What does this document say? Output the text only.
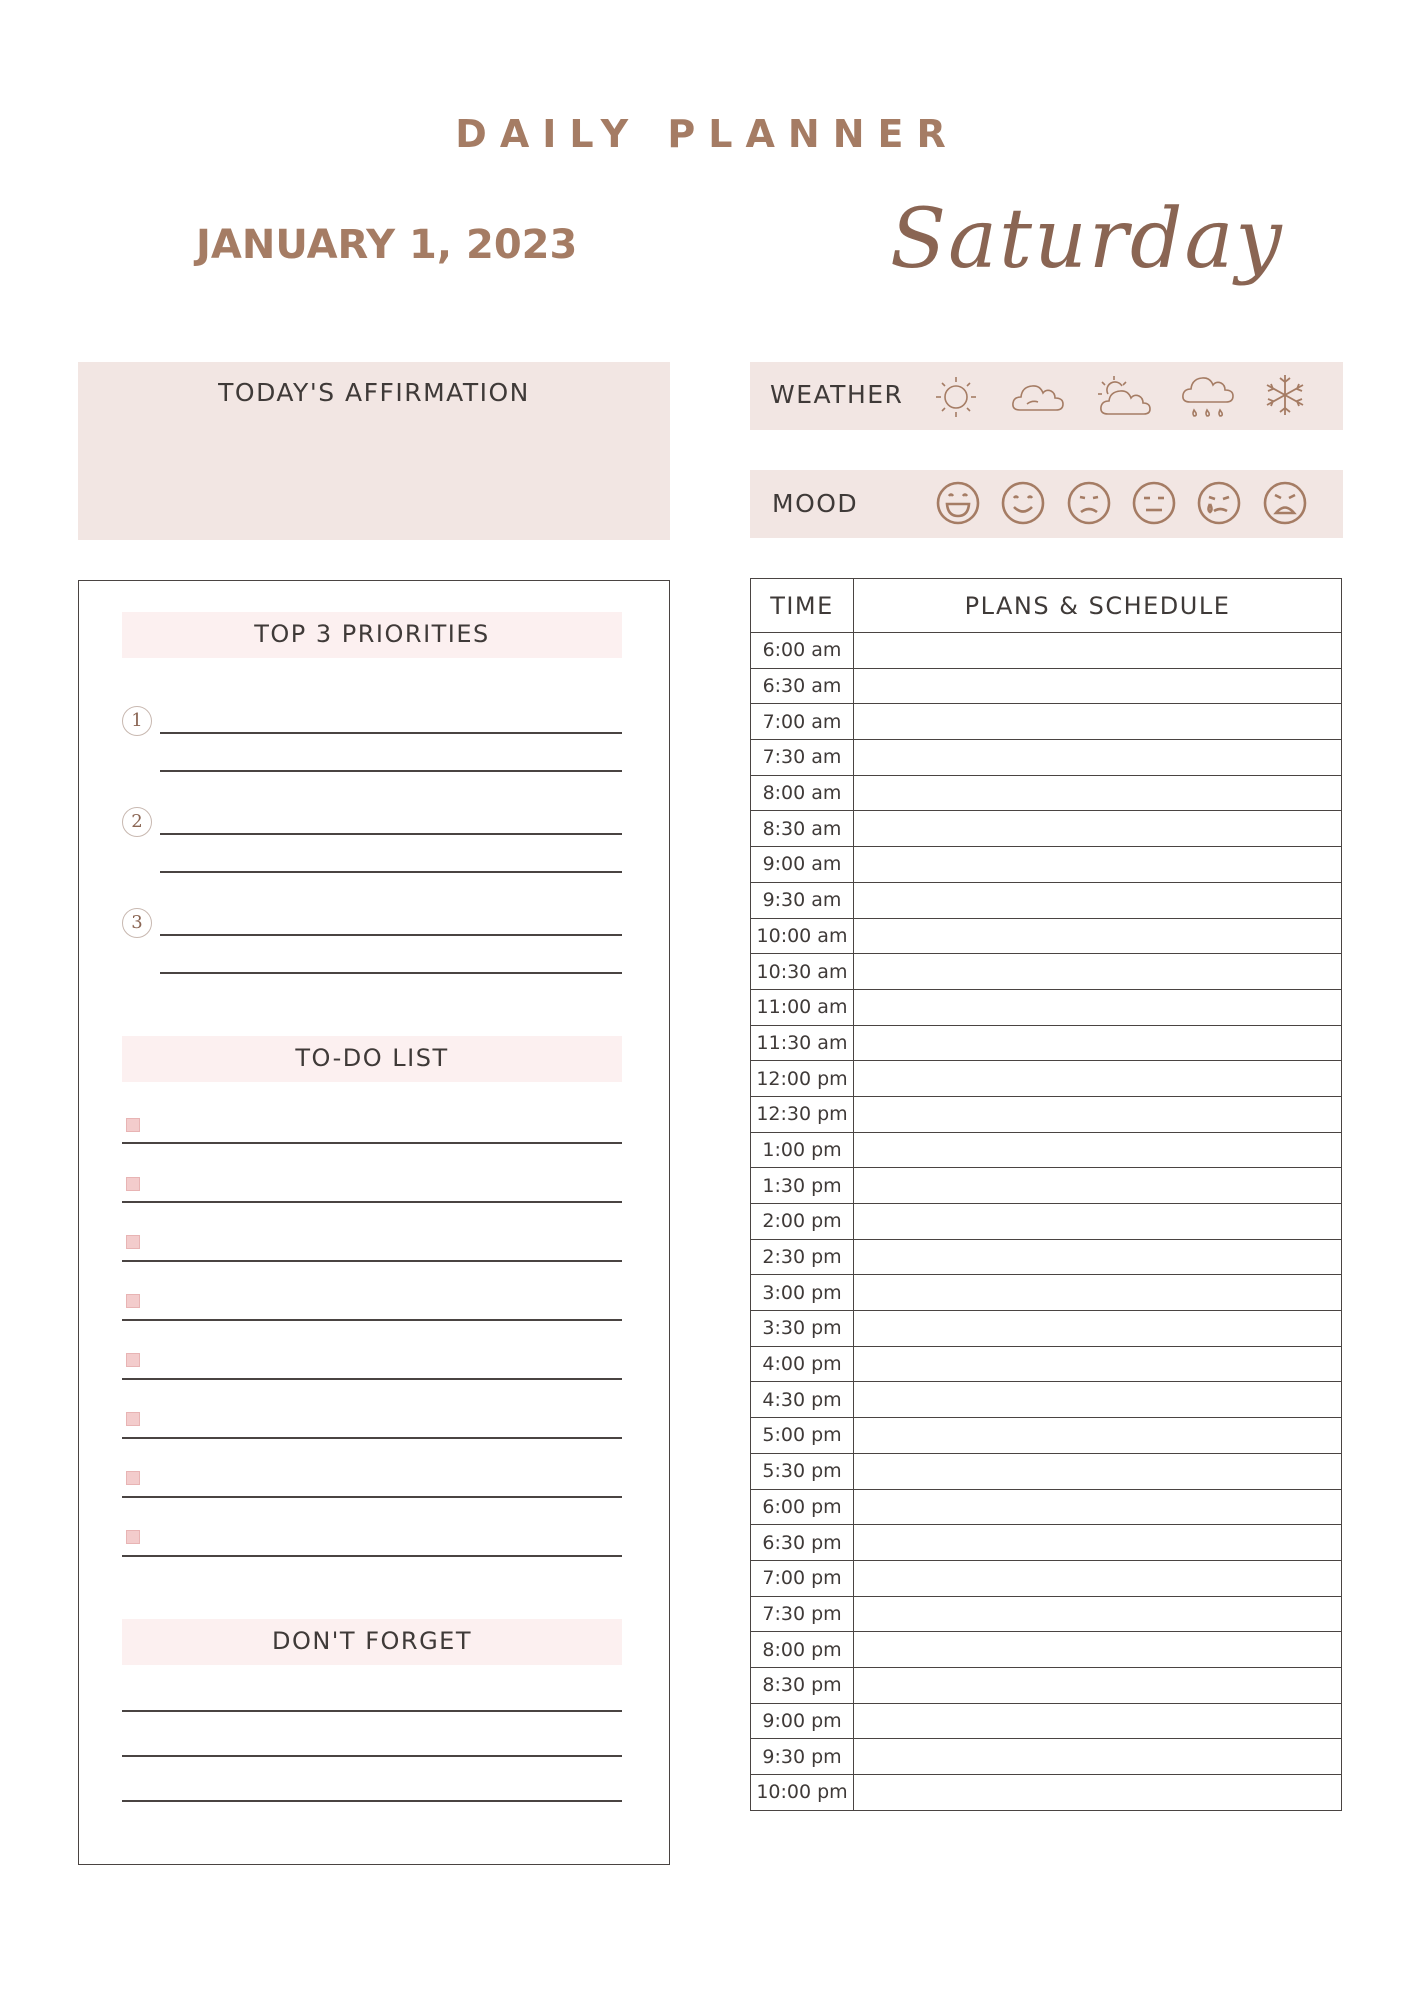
DAILY PLANNER
JANUARY 1, 2023	Saturday
TODAY'S AFFIRMATION	WEATHER
MOOD
TOP 3 PRIORITIES
1
2
3
TO-DO LIST
DON'T FORGET
TIME	PLANS & SCHEDULE
6:00 am	
6:30 am	
7:00 am	
7:30 am	
8:00 am	
8:30 am	
9:00 am	
9:30 am	
10:00 am	
10:30 am	
11:00 am	
11:30 am	
12:00 pm	
12:30 pm	
1:00 pm	
1:30 pm	
2:00 pm	
2:30 pm	
3:00 pm	
3:30 pm	
4:00 pm	
4:30 pm	
5:00 pm	
5:30 pm	
6:00 pm	
6:30 pm	
7:00 pm	
7:30 pm	
8:00 pm	
8:30 pm	
9:00 pm	
9:30 pm	
10:00 pm	
